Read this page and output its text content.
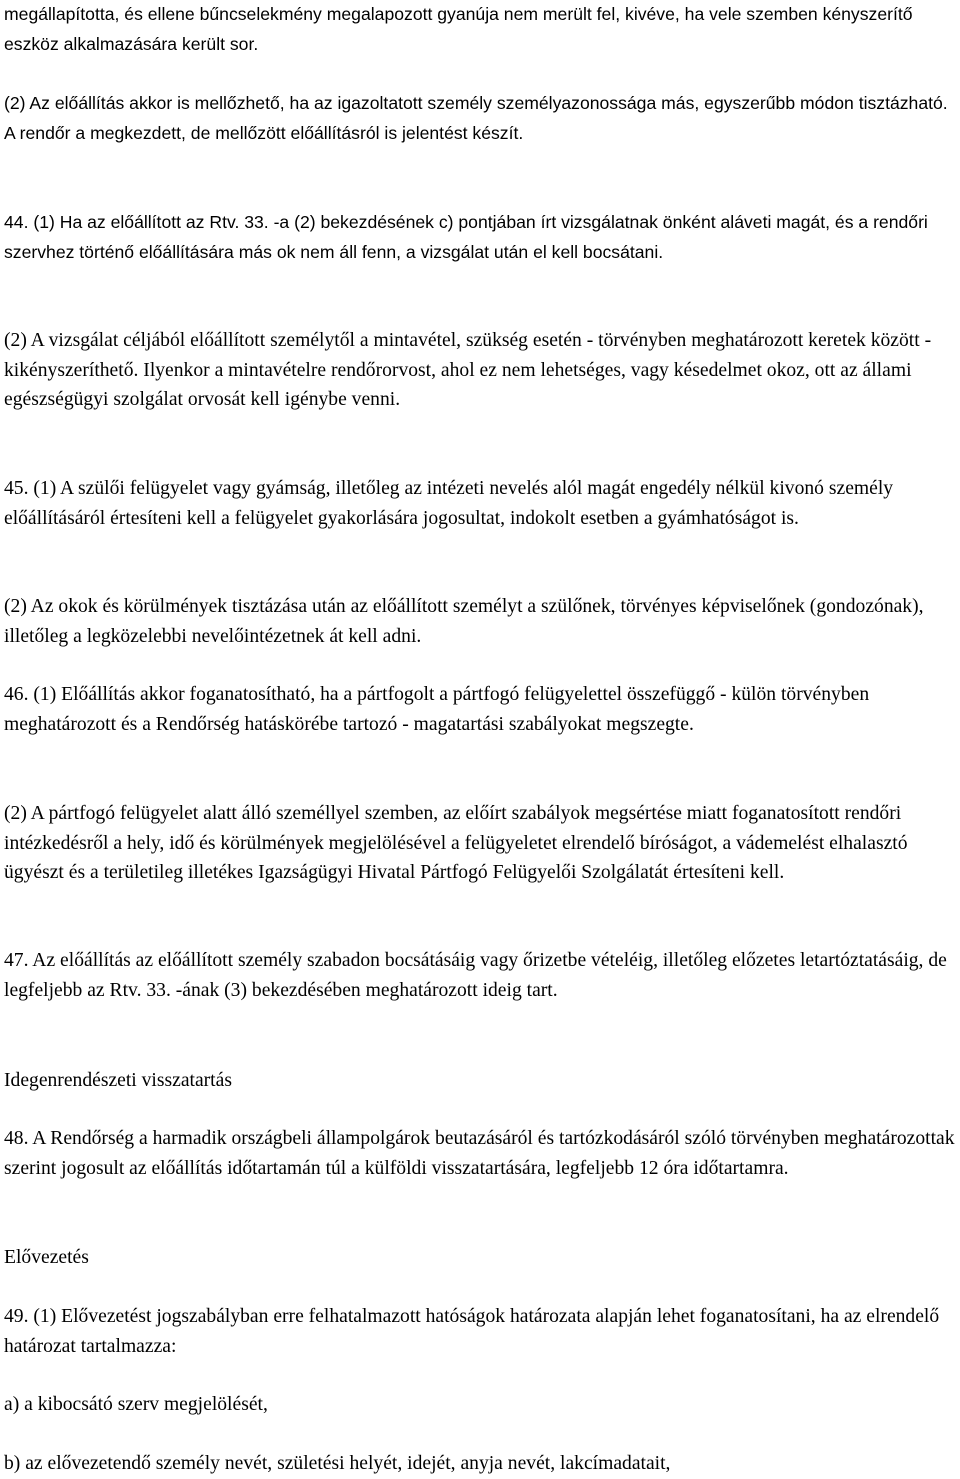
megállapította, és ellene bűncselekmény megalapozott gyanúja nem merült fel, kivéve, ha vele szemben kényszerítő eszköz alkalmazására került sor.

(2) Az előállítás akkor is mellőzhető, ha az igazoltatott személy személyazonossága más, egyszerűbb módon tisztázható. A rendőr a megkezdett, de mellőzött előállításról is jelentést készít.

44. (1) Ha az előállított az Rtv. 33. -a (2) bekezdésének c) pontjában írt vizsgálatnak önként aláveti magát, és a rendőri szervhez történő előállítására más ok nem áll fenn, a vizsgálat után el kell bocsátani.

(2) A vizsgálat céljából előállított személytől a mintavétel, szükség esetén - törvényben meghatározott keretek között - kikényszeríthető. Ilyenkor a mintavételre rendőrorvost, ahol ez nem lehetséges, vagy késedelmet okoz, ott az állami egészségügyi szolgálat orvosát kell igénybe venni.

45. (1) A szülői felügyelet vagy gyámság, illetőleg az intézeti nevelés alól magát engedély nélkül kivonó személy előállításáról értesíteni kell a felügyelet gyakorlására jogosultat, indokolt esetben a gyámhatóságot is.

(2) Az okok és körülmények tisztázása után az előállított személyt a szülőnek, törvényes képviselőnek (gondozónak), illetőleg a legközelebbi nevelőintézetnek át kell adni.

46. (1) Előállítás akkor foganatosítható, ha a pártfogolt a pártfogó felügyelettel összefüggő - külön törvényben meghatározott és a Rendőrség hatáskörébe tartozó - magatartási szabályokat megszegte.

(2) A pártfogó felügyelet alatt álló személlyel szemben, az előírt szabályok megsértése miatt foganatosított rendőri intézkedésről a hely, idő és körülmények megjelölésével a felügyeletet elrendelő bíróságot, a vádemelést elhalasztó ügyészt és a területileg illetékes Igazságügyi Hivatal Pártfogó Felügyelői Szolgálatát értesíteni kell.

47. Az előállítás az előállított személy szabadon bocsátásáig vagy őrizetbe vételéig, illetőleg előzetes letartóztatásáig, de legfeljebb az Rtv. 33. -ának (3) bekezdésében meghatározott ideig tart.

Idegenrendészeti visszatartás

48. A Rendőrség a harmadik országbeli állampolgárok beutazásáról és tartózkodásáról szóló törvényben meghatározottak szerint jogosult az előállítás időtartamán túl a külföldi visszatartására, legfeljebb 12 óra időtartamra.

Elővezetés

49. (1) Elővezetést jogszabályban erre felhatalmazott hatóságok határozata alapján lehet foganatosítani, ha az elrendelő határozat tartalmazza:

a) a kibocsátó szerv megjelölését,

b) az elővezetendő személy nevét, születési helyét, idejét, anyja nevét, lakcímadatait,
